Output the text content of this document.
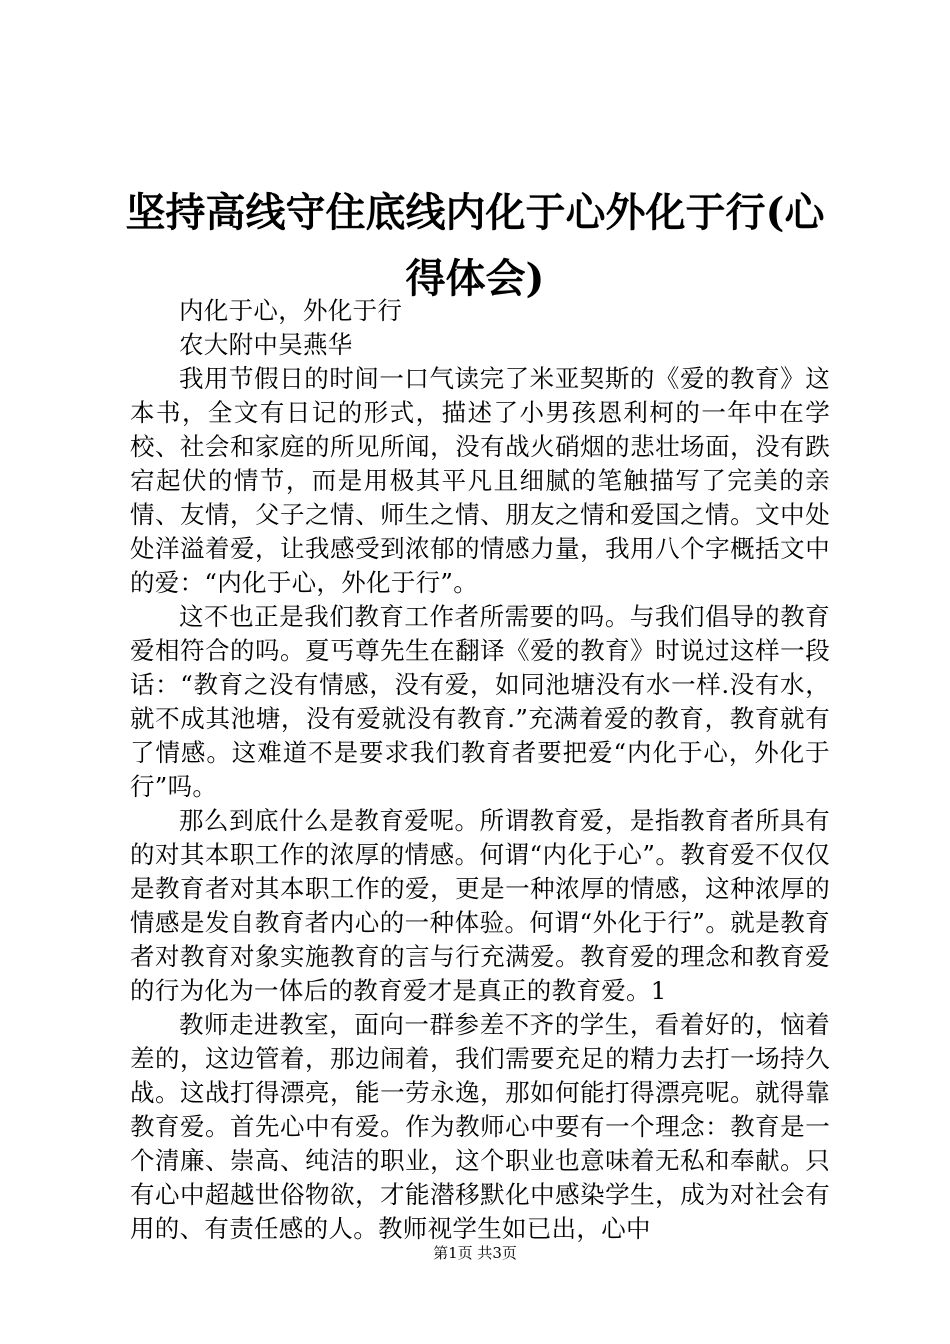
坚持高线守住底线内化于心外化于行(心得体会)

内化于心，外化于行

农大附中吴燕华

我用节假日的时间一口气读完了米亚契斯的《爱的教育》这本书，全文有日记的形式，描述了小男孩恩利柯的一年中在学校、社会和家庭的所见所闻，没有战火硝烟的悲壮场面，没有跌宕起伏的情节，而是用极其平凡且细腻的笔触描写了完美的亲情、友情，父子之情、师生之情、朋友之情和爱国之情。文中处处洋溢着爱，让我感受到浓郁的情感力量，我用八个字概括文中的爱：“内化于心，外化于行”。

这不也正是我们教育工作者所需要的吗。与我们倡导的教育爱相符合的吗。夏丐尊先生在翻译《爱的教育》时说过这样一段话：“教育之没有情感，没有爱，如同池塘没有水一样.没有水，就不成其池塘，没有爱就没有教育.”充满着爱的教育，教育就有了情感。这难道不是要求我们教育者要把爱“内化于心，外化于行”吗。

那么到底什么是教育爱呢。所谓教育爱，是指教育者所具有的对其本职工作的浓厚的情感。何谓“内化于心”。教育爱不仅仅是教育者对其本职工作的爱，更是一种浓厚的情感，这种浓厚的情感是发自教育者内心的一种体验。何谓“外化于行”。就是教育者对教育对象实施教育的言与行充满爱。教育爱的理念和教育爱的行为化为一体后的教育爱才是真正的教育爱。1

教师走进教室，面向一群参差不齐的学生，看着好的，恼着差的，这边管着，那边闹着，我们需要充足的精力去打一场持久战。这战打得漂亮，能一劳永逸，那如何能打得漂亮呢。就得靠教育爱。首先心中有爱。作为教师心中要有一个理念：教育是一个清廉、崇高、纯洁的职业，这个职业也意味着无私和奉献。只有心中超越世俗物欲，才能潜移默化中感染学生，成为对社会有用的、有责任感的人。教师视学生如已出，心中

第1页 共3页
